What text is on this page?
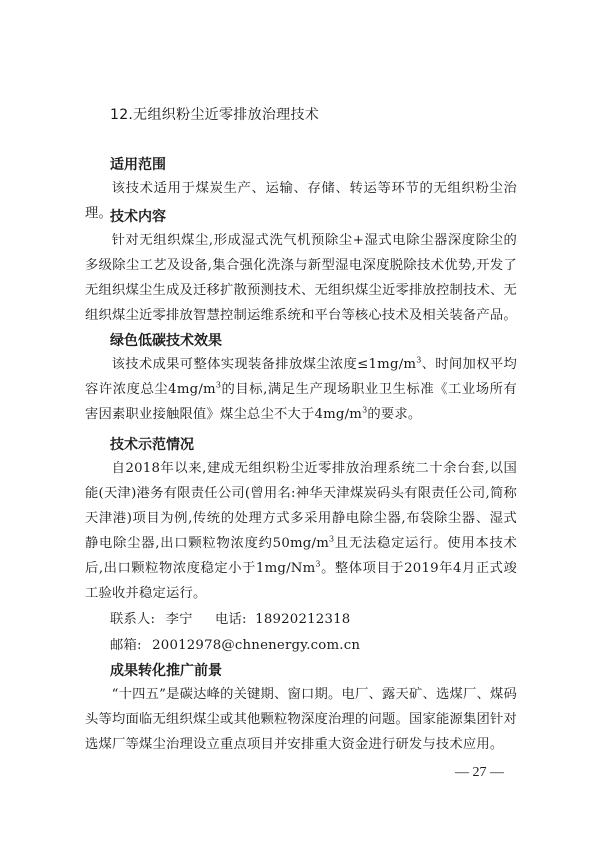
12.无组织粉尘近零排放治理技术
适用范围
该技术适用于煤炭生产、运输、存储、转运等环节的无组织粉尘治理。
技术内容
针对无组织煤尘,形成湿式洗气机预除尘+湿式电除尘器深度除尘的多级除尘工艺及设备,集合强化洗涤与新型湿电深度脱除技术优势,开发了无组织煤尘生成及迁移扩散预测技术、无组织煤尘近零排放控制技术、无组织煤尘近零排放智慧控制运维系统和平台等核心技术及相关装备产品。
绿色低碳技术效果
该技术成果可整体实现装备排放煤尘浓度$\le 1mg/m^3$、时间加权平均容许浓度总尘$4mg/m^3$的目标,满足生产现场职业卫生标准《工业场所有害因素职业接触限值》煤尘总尘不大于$4mg/m^3$的要求。
技术示范情况
自2018年以来,建成无组织粉尘近零排放治理系统二十余台套,以国能(天津)港务有限责任公司(曾用名:神华天津煤炭码头有限责任公司,简称天津港)项目为例,传统的处理方式多采用静电除尘器,布袋除尘器、湿式静电除尘器,出口颗粒物浓度约$50mg/m^3$且无法稳定运行。使用本技术后,出口颗粒物浓度稳定小于1mg/Nm$^3$。整体项目于2019年4月正式竣工验收并稳定运行。
联系人: 李宁 电话: 18920212318
邮箱: 20012978@chnenergy.com.cn
成果转化推广前景
“十四五”是碳达峰的关键期、窗口期。电厂、露天矿、选煤厂、煤码头等均面临无组织煤尘或其他颗粒物深度治理的问题。国家能源集团针对选煤厂等煤尘治理设立重点项目并安排重大资金进行研发与技术应用。
— 27 —
